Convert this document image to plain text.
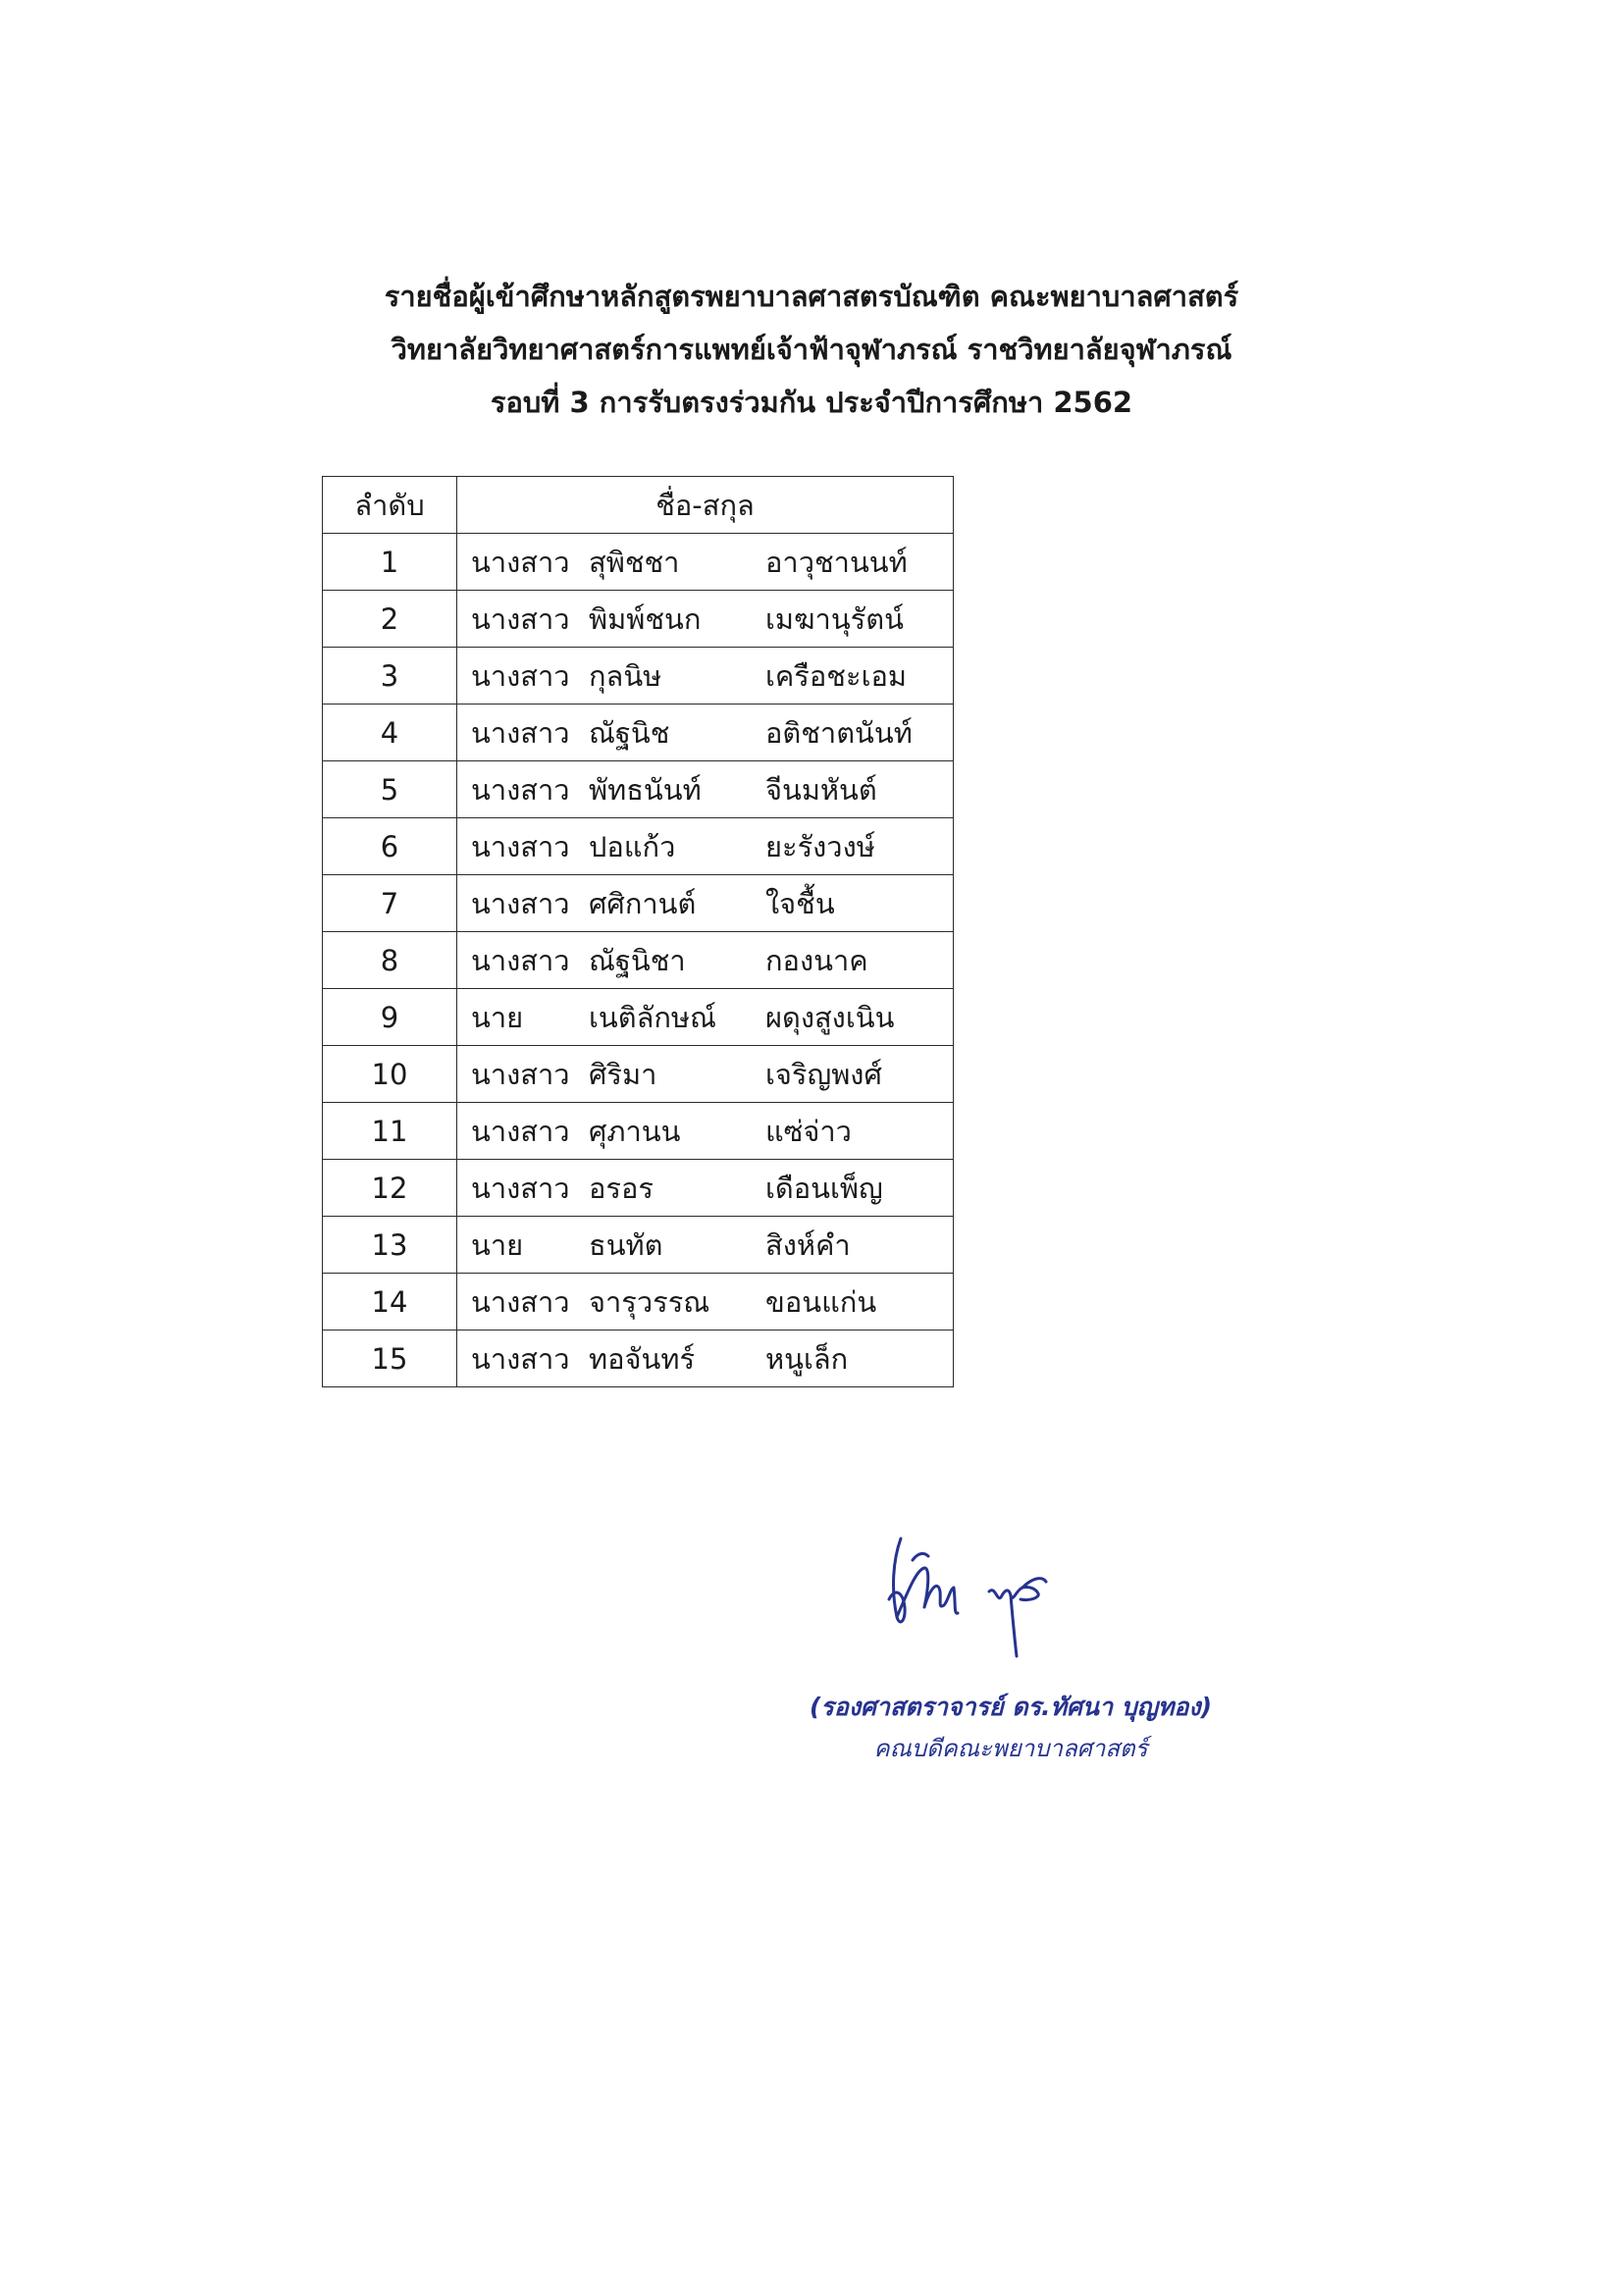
รายชื่อผู้เข้าศึกษาหลักสูตรพยาบาลศาสตรบัณฑิต คณะพยาบาลศาสตร์
วิทยาลัยวิทยาศาสตร์การแพทย์เจ้าฟ้าจุฬาภรณ์ ราชวิทยาลัยจุฬาภรณ์
รอบที่ 3 การรับตรงร่วมกัน ประจำปีการศึกษา 2562
ลำดับ	ชื่อ-สกุล
1	นางสาว สุพิชชา อาวุชานนท์
2	นางสาว พิมพ์ชนก เมฆานุรัตน์
3	นางสาว กุลนิษ เครือชะเอม
4	นางสาว ณัฐนิช อติชาตนันท์
5	นางสาว พัทธนันท์ จีนมหันต์
6	นางสาว ปอแก้ว ยะรังวงษ์
7	นางสาว ศศิกานต์ ใจชื้น
8	นางสาว ณัฐนิชา กองนาค
9	นาย เนติลักษณ์ ผดุงสูงเนิน
10	นางสาว ศิริมา เจริญพงศ์
11	นางสาว ศุภานน แซ่จ่าว
12	นางสาว อรอร เดือนเพ็ญ
13	นาย ธนทัต สิงห์คำ
14	นางสาว จารุวรรณ ขอนแก่น
15	นางสาว ทอจันทร์ หนูเล็ก
(รองศาสตราจารย์ ดร.ทัศนา บุญทอง)
คณบดีคณะพยาบาลศาสตร์
